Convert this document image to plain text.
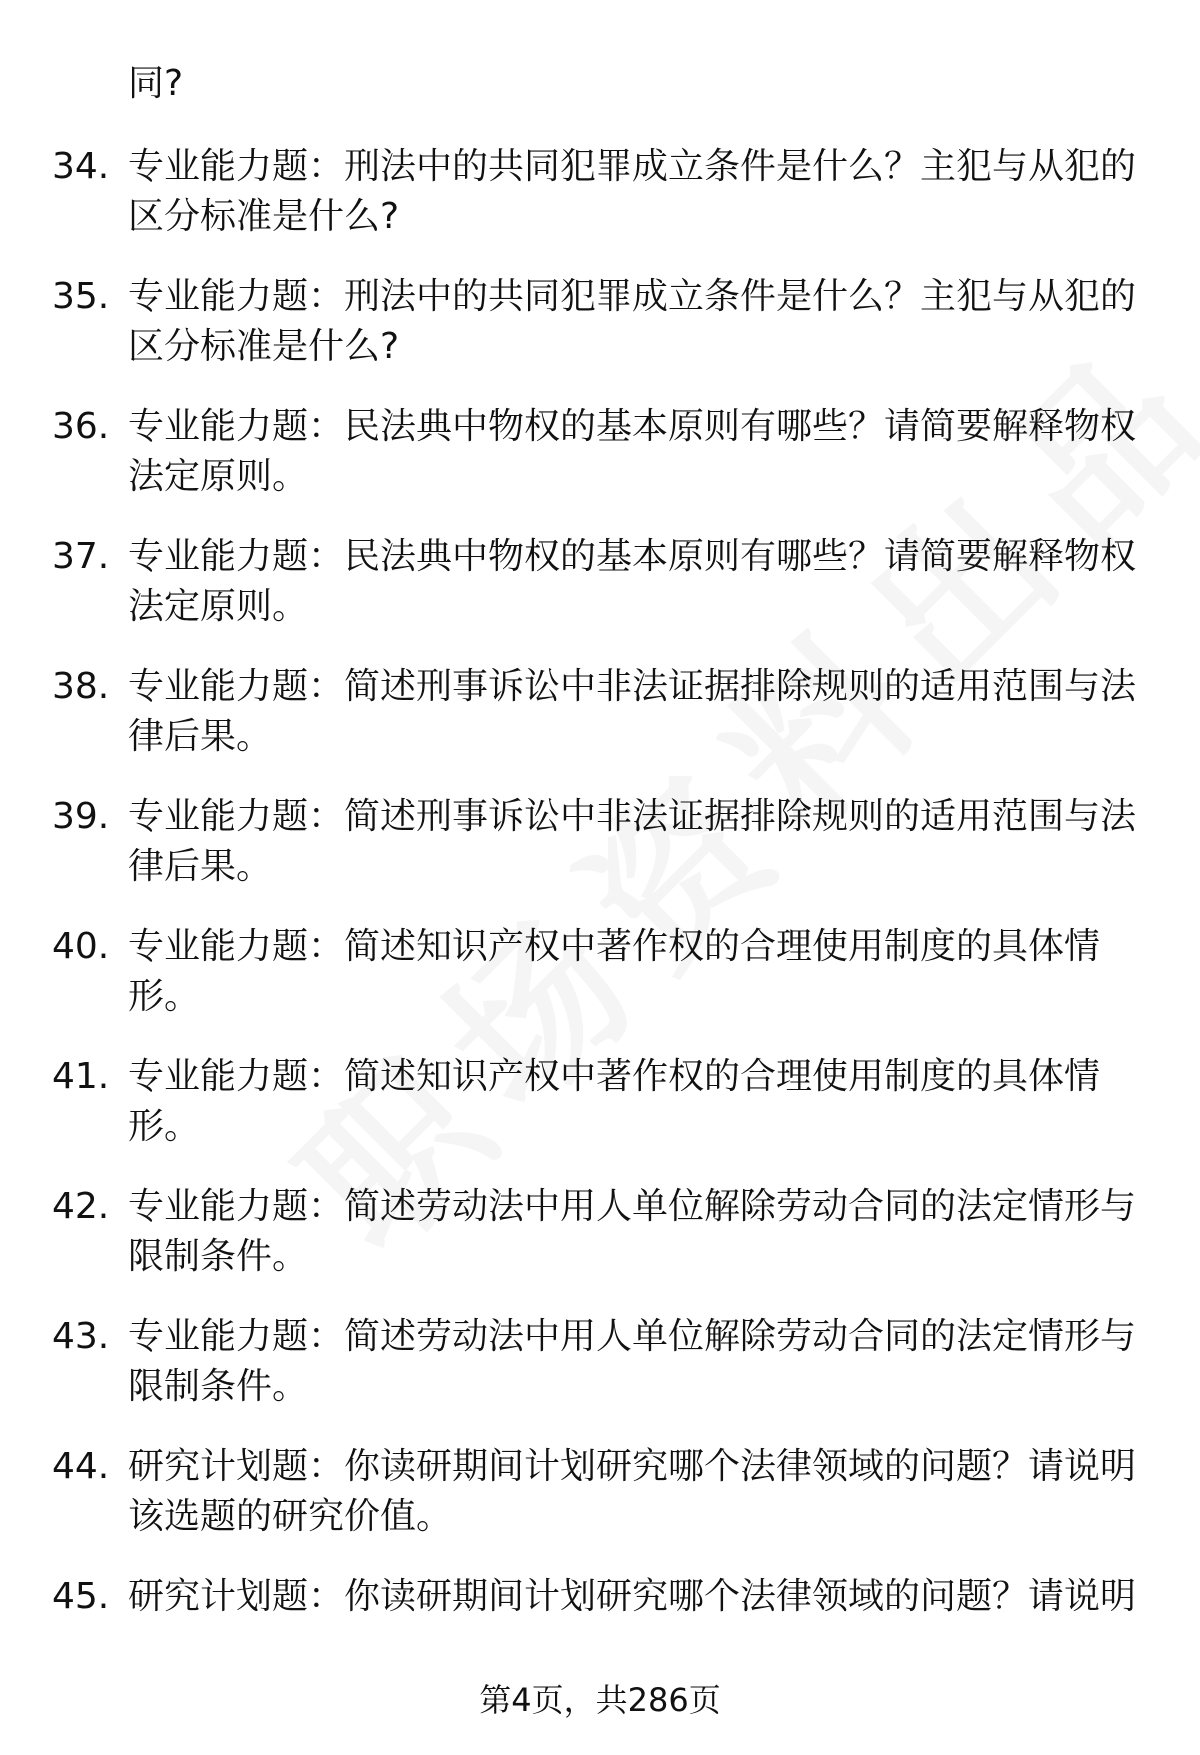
同?

34. 专业能力题：刑法中的共同犯罪成立条件是什么？主犯与从犯的区分标准是什么?
35. 专业能力题：刑法中的共同犯罪成立条件是什么？主犯与从犯的区分标准是什么?
36. 专业能力题：民法典中物权的基本原则有哪些？请简要解释物权法定原则。
37. 专业能力题：民法典中物权的基本原则有哪些？请简要解释物权法定原则。
38. 专业能力题：简述刑事诉讼中非法证据排除规则的适用范围与法律后果。
39. 专业能力题：简述刑事诉讼中非法证据排除规则的适用范围与法律后果。
40. 专业能力题：简述知识产权中著作权的合理使用制度的具体情形。
41. 专业能力题：简述知识产权中著作权的合理使用制度的具体情形。
42. 专业能力题：简述劳动法中用人单位解除劳动合同的法定情形与限制条件。
43. 专业能力题：简述劳动法中用人单位解除劳动合同的法定情形与限制条件。
44. 研究计划题：你读研期间计划研究哪个法律领域的问题？请说明该选题的研究价值。
45. 研究计划题：你读研期间计划研究哪个法律领域的问题？请说明
第4页，共286页
